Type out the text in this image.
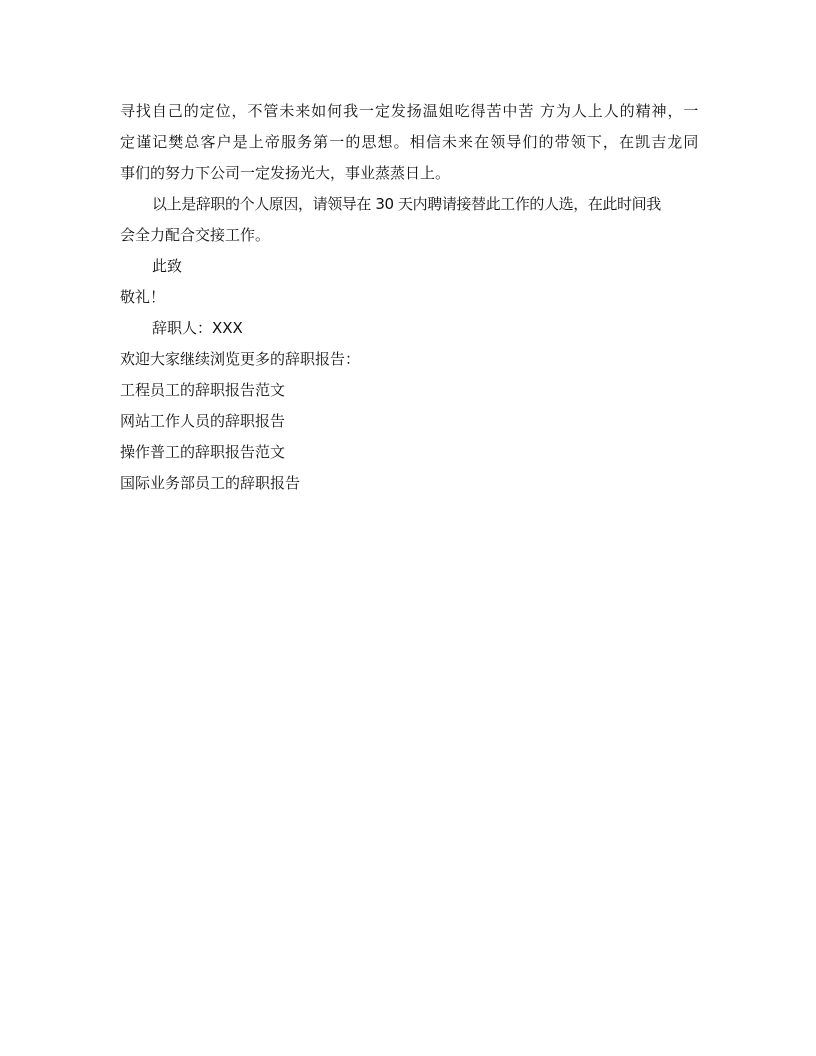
寻找自己的定位，不管未来如何我一定发扬温姐吃得苦中苦 方为人上人的精神，一
定谨记樊总客户是上帝服务第一的思想。相信未来在领导们的带领下，在凯吉龙同
事们的努力下公司一定发扬光大，事业蒸蒸日上。
以上是辞职的个人原因，请领导在 30 天内聘请接替此工作的人选，在此时间我
会全力配合交接工作。
此致
敬礼！
辞职人：XXX
欢迎大家继续浏览更多的辞职报告：
工程员工的辞职报告范文
网站工作人员的辞职报告
操作普工的辞职报告范文
国际业务部员工的辞职报告
